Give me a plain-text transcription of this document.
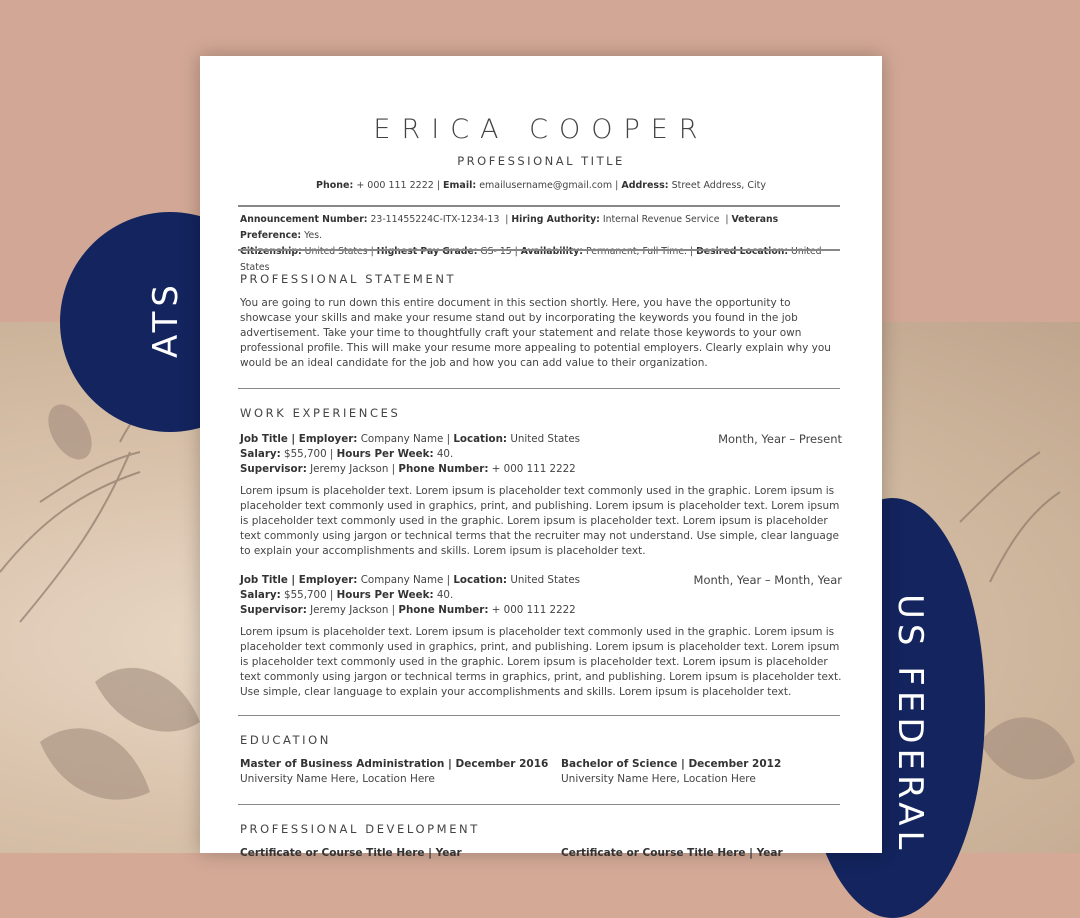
ERICA COOPER
PROFESSIONAL TITLE
Phone: + 000 111 2222 | Email: emailusername@gmail.com | Address: Street Address, City
Announcement Number: 23-11455224C-ITX-1234-13  | Hiring Authority: Internal Revenue Service  | Veterans Preference: Yes.
Citizenship: United States | Highest Pay Grade: GS- 15 | Availability: Permanent, Full Time. | Desired Location: United States
PROFESSIONAL STATEMENT
You are going to run down this entire document in this section shortly. Here, you have the opportunity to showcase your skills and make your resume stand out by incorporating the keywords you found in the job advertisement. Take your time to thoughtfully craft your statement and relate those keywords to your own professional profile. This will make your resume more appealing to potential employers. Clearly explain why you would be an ideal candidate for the job and how you can add value to their organization.
WORK EXPERIENCES
Job Title | Employer: Company Name | Location: United States
Salary: $55,700 | Hours Per Week: 40.
Supervisor: Jeremy Jackson | Phone Number: + 000 111 2222
Month, Year – Present
Lorem ipsum is placeholder text. Lorem ipsum is placeholder text commonly used in the graphic. Lorem ipsum is placeholder text commonly used in graphics, print, and publishing. Lorem ipsum is placeholder text. Lorem ipsum is placeholder text commonly used in the graphic. Lorem ipsum is placeholder text. Lorem ipsum is placeholder text commonly using jargon or technical terms that the recruiter may not understand. Use simple, clear language to explain your accomplishments and skills. Lorem ipsum is placeholder text.
Job Title | Employer: Company Name | Location: United States
Salary: $55,700 | Hours Per Week: 40.
Supervisor: Jeremy Jackson | Phone Number: + 000 111 2222
Month, Year – Month, Year
Lorem ipsum is placeholder text. Lorem ipsum is placeholder text commonly used in the graphic. Lorem ipsum is placeholder text commonly used in graphics, print, and publishing. Lorem ipsum is placeholder text. Lorem ipsum is placeholder text commonly used in the graphic. Lorem ipsum is placeholder text. Lorem ipsum is placeholder text commonly using jargon or technical terms in graphics, print, and publishing. Lorem ipsum is placeholder text. Use simple, clear language to explain your accomplishments and skills. Lorem ipsum is placeholder text.
EDUCATION
Master of Business Administration | December 2016
University Name Here, Location Here
Bachelor of Science | December 2012
University Name Here, Location Here
PROFESSIONAL DEVELOPMENT
Certificate or Course Title Here | Year	Certificate or Course Title Here | Year
ATS
US FEDERAL
